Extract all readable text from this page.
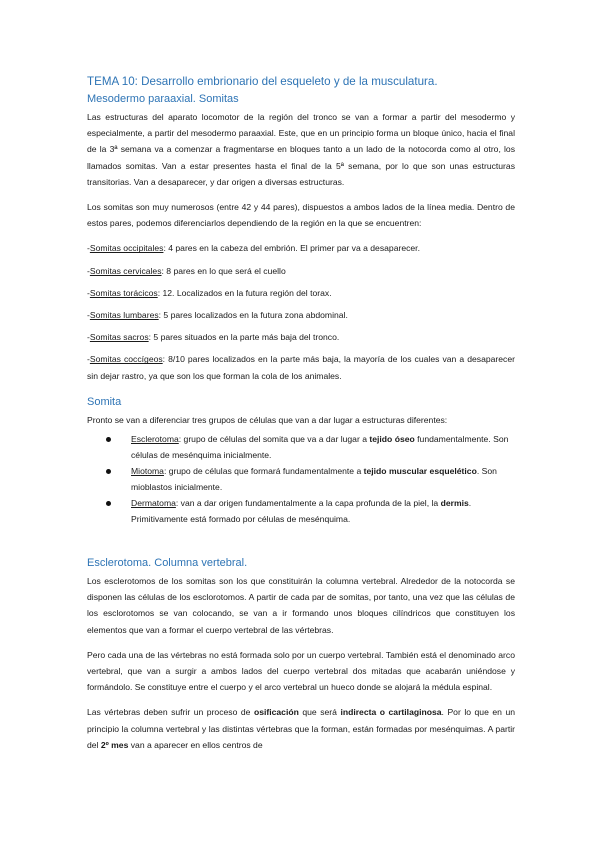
TEMA 10: Desarrollo embrionario del esqueleto y de la musculatura.
Mesodermo paraaxial. Somitas

Las estructuras del aparato locomotor de la región del tronco se van a formar a partir del mesodermo y especialmente, a partir del mesodermo paraaxial. Este, que en un principio forma un bloque único, hacia el final de la 3ª semana va a comenzar a fragmentarse en bloques tanto a un lado de la notocorda como al otro, los llamados somitas. Van a estar presentes hasta el final de la 5ª semana, por lo que son unas estructuras transitorias. Van a desaparecer, y dar origen a diversas estructuras.

Los somitas son muy numerosos (entre 42 y 44 pares), dispuestos a ambos lados de la línea media. Dentro de estos pares, podemos diferenciarlos dependiendo de la región en la que se encuentren:

-Somitas occipitales: 4 pares en la cabeza del embrión. El primer par va a desaparecer.

-Somitas cervicales: 8 pares en lo que será el cuello

-Somitas torácicos: 12. Localizados en la futura región del torax.

-Somitas lumbares: 5 pares localizados en la futura zona abdominal.

-Somitas sacros: 5 pares situados en la parte más baja del tronco.

-Somitas coccígeos: 8/10 pares localizados en la parte más baja, la mayoría de los cuales van a desaparecer sin dejar rastro, ya que son los que forman la cola de los animales.

Somita

Pronto se van a diferenciar tres grupos de células que van a dar lugar a estructuras diferentes:

Esclerotoma: grupo de células del somita que va a dar lugar a tejido óseo fundamentalmente. Son células de mesénquima inicialmente.
Miotoma: grupo de células que formará fundamentalmente a tejido muscular esquelético. Son mioblastos inicialmente.
Dermatoma: van a dar origen fundamentalmente a la capa profunda de la piel, la dermis. Primitivamente está formado por células de mesénquima.
Esclerotoma. Columna vertebral.

Los esclerotomos de los somitas son los que constituirán la columna vertebral. Alrededor de la notocorda se disponen las células de los esclorotomos. A partir de cada par de somitas, por tanto, una vez que las células de los esclorotomos se van colocando, se van a ir formando unos bloques cilíndricos que constituyen los elementos que van a formar el cuerpo vertebral de las vértebras.

Pero cada una de las vértebras no está formada solo por un cuerpo vertebral. También está el denominado arco vertebral, que van a surgir a ambos lados del cuerpo vertebral dos mitadas que acabarán uniéndose y formándolo. Se constituye entre el cuerpo y el arco vertebral un hueco donde se alojará la médula espinal.

Las vértebras deben sufrir un proceso de osificación que será indirecta o cartilaginosa. Por lo que en un principio la columna vertebral y las distintas vértebras que la forman, están formadas por mesénquimas. A partir del 2º mes van a aparecer en ellos centros de
